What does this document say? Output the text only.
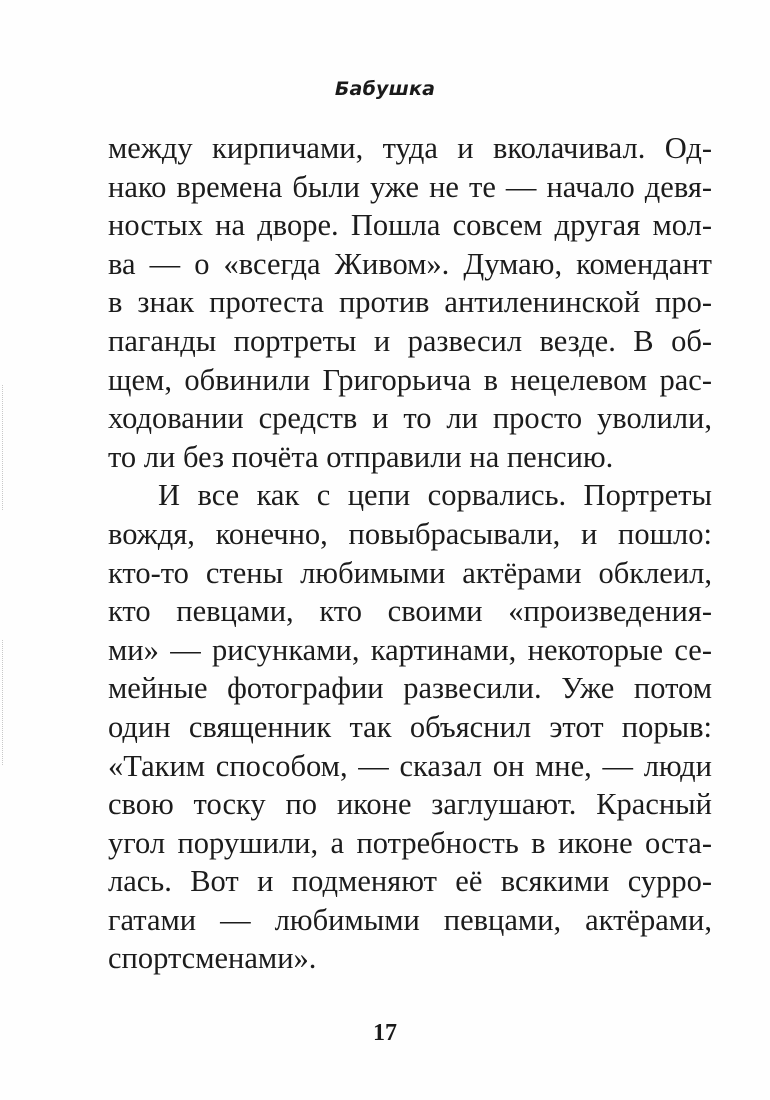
Бабушка
между кирпичами, туда и вколачивал. Од-
нако времена были уже не те — начало девя-
ностых на дворе. Пошла совсем другая мол-
ва — о «всегда Живом». Думаю, комендант
в знак протеста против антиленинской про-
паганды портреты и развесил везде. В об-
щем, обвинили Григорьича в нецелевом рас-
ходовании средств и то ли просто уволили,
то ли без почёта отправили на пенсию.
И все как с цепи сорвались. Портреты
вождя, конечно, повыбрасывали, и пошло:
кто-то стены любимыми актёрами обклеил,
кто певцами, кто своими «произведения-
ми» — рисунками, картинами, некоторые се-
мейные фотографии развесили. Уже потом
один священник так объяснил этот порыв:
«Таким способом, — сказал он мне, — люди
свою тоску по иконе заглушают. Красный
угол порушили, а потребность в иконе оста-
лась. Вот и подменяют её всякими сурро-
гатами — любимыми певцами, актёрами,
спортсменами».
17
